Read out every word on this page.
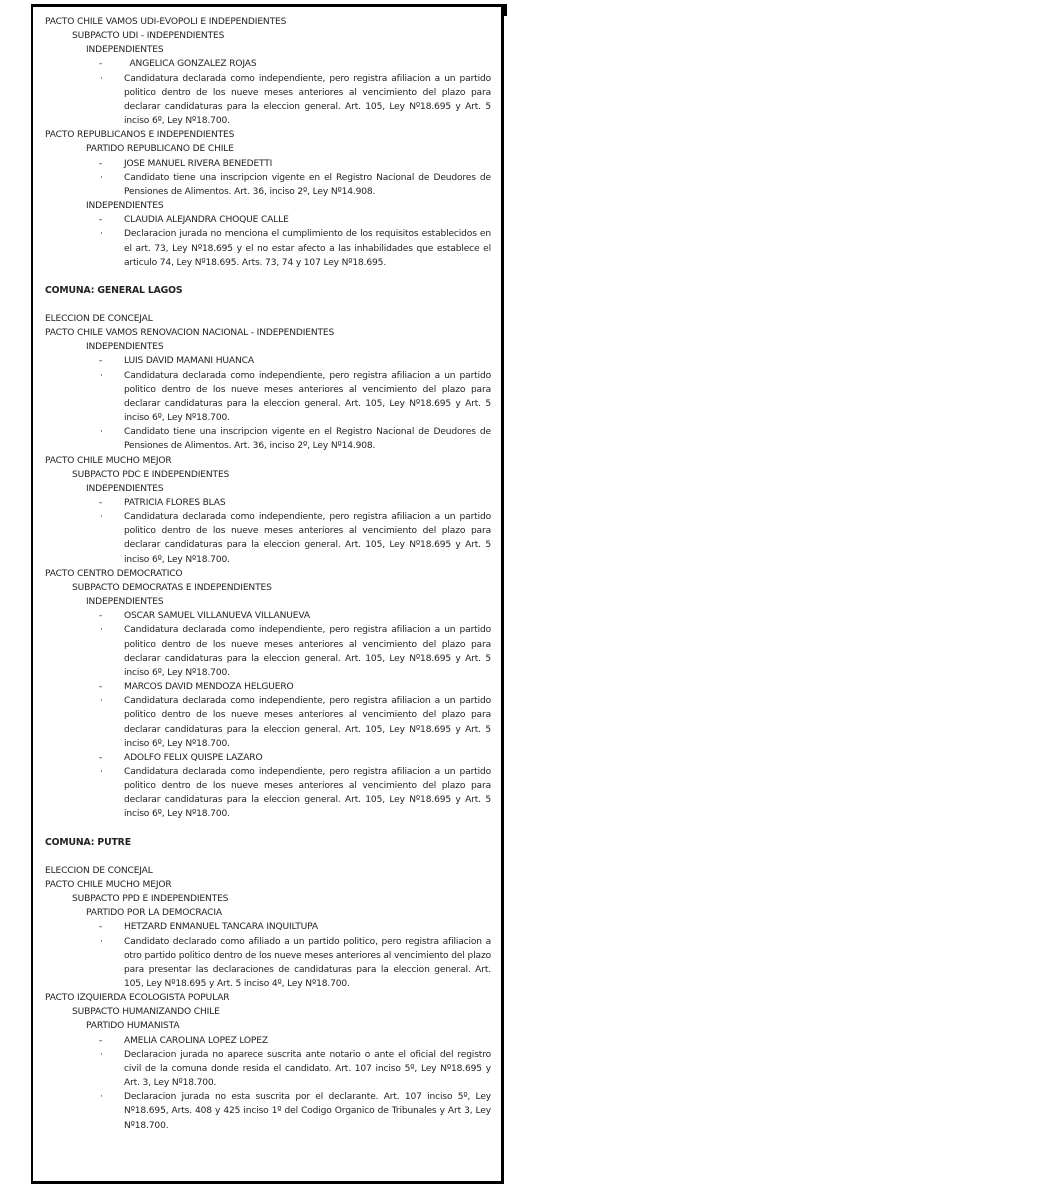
PACTO CHILE VAMOS UDI-EVOPOLI E INDEPENDIENTES
SUBPACTO UDI - INDEPENDIENTES
INDEPENDIENTES
- ANGELICA GONZALEZ ROJAS
· Candidatura declarada como independiente, pero registra afiliacion a un partido politico dentro de los nueve meses anteriores al vencimiento del plazo para declarar candidaturas para la eleccion general. Art. 105, Ley Nº18.695 y Art. 5 inciso 6º, Ley Nº18.700.
PACTO REPUBLICANOS E INDEPENDIENTES
PARTIDO REPUBLICANO DE CHILE
- JOSE MANUEL RIVERA BENEDETTI
· Candidato tiene una inscripcion vigente en el Registro Nacional de Deudores de Pensiones de Alimentos. Art. 36, inciso 2º, Ley Nº14.908.
INDEPENDIENTES
- CLAUDIA ALEJANDRA CHOQUE CALLE
· Declaracion jurada no menciona el cumplimiento de los requisitos establecidos en el art. 73, Ley Nº18.695 y el no estar afecto a las inhabilidades que establece el articulo 74, Ley Nº18.695. Arts. 73, 74 y 107 Ley Nº18.695.
COMUNA: GENERAL LAGOS
ELECCION DE CONCEJAL
PACTO CHILE VAMOS RENOVACION NACIONAL - INDEPENDIENTES
INDEPENDIENTES
- LUIS DAVID MAMANI HUANCA
· Candidatura declarada como independiente, pero registra afiliacion a un partido politico dentro de los nueve meses anteriores al vencimiento del plazo para declarar candidaturas para la eleccion general. Art. 105, Ley Nº18.695 y Art. 5 inciso 6º, Ley Nº18.700.
· Candidato tiene una inscripcion vigente en el Registro Nacional de Deudores de Pensiones de Alimentos. Art. 36, inciso 2º, Ley Nº14.908.
PACTO CHILE MUCHO MEJOR
SUBPACTO PDC E INDEPENDIENTES
INDEPENDIENTES
- PATRICIA FLORES BLAS
· Candidatura declarada como independiente, pero registra afiliacion a un partido politico dentro de los nueve meses anteriores al vencimiento del plazo para declarar candidaturas para la eleccion general. Art. 105, Ley Nº18.695 y Art. 5 inciso 6º, Ley Nº18.700.
PACTO CENTRO DEMOCRATICO
SUBPACTO DEMOCRATAS E INDEPENDIENTES
INDEPENDIENTES
- OSCAR SAMUEL VILLANUEVA VILLANUEVA
· Candidatura declarada como independiente, pero registra afiliacion a un partido politico dentro de los nueve meses anteriores al vencimiento del plazo para declarar candidaturas para la eleccion general. Art. 105, Ley Nº18.695 y Art. 5 inciso 6º, Ley Nº18.700.
- MARCOS DAVID MENDOZA HELGUERO
· Candidatura declarada como independiente, pero registra afiliacion a un partido politico dentro de los nueve meses anteriores al vencimiento del plazo para declarar candidaturas para la eleccion general. Art. 105, Ley Nº18.695 y Art. 5 inciso 6º, Ley Nº18.700.
- ADOLFO FELIX QUISPE LAZARO
· Candidatura declarada como independiente, pero registra afiliacion a un partido politico dentro de los nueve meses anteriores al vencimiento del plazo para declarar candidaturas para la eleccion general. Art. 105, Ley Nº18.695 y Art. 5 inciso 6º, Ley Nº18.700.
COMUNA: PUTRE
ELECCION DE CONCEJAL
PACTO CHILE MUCHO MEJOR
SUBPACTO PPD E INDEPENDIENTES
PARTIDO POR LA DEMOCRACIA
- HETZARD ENMANUEL TANCARA INQUILTUPA
· Candidato declarado como afiliado a un partido politico, pero registra afiliacion a otro partido politico dentro de los nueve meses anteriores al vencimiento del plazo para presentar las declaraciones de candidaturas para la eleccion general. Art. 105, Ley Nº18.695 y Art. 5 inciso 4º, Ley Nº18.700.
PACTO IZQUIERDA ECOLOGISTA POPULAR
SUBPACTO HUMANIZANDO CHILE
PARTIDO HUMANISTA
- AMELIA CAROLINA LOPEZ LOPEZ
· Declaracion jurada no aparece suscrita ante notario o ante el oficial del registro civil de la comuna donde resida el candidato. Art. 107 inciso 5º, Ley Nº18.695 y Art. 3, Ley Nº18.700.
· Declaracion jurada no esta suscrita por el declarante. Art. 107 inciso 5º, Ley Nº18.695, Arts. 408 y 425 inciso 1º del Codigo Organico de Tribunales y Art 3, Ley Nº18.700.
